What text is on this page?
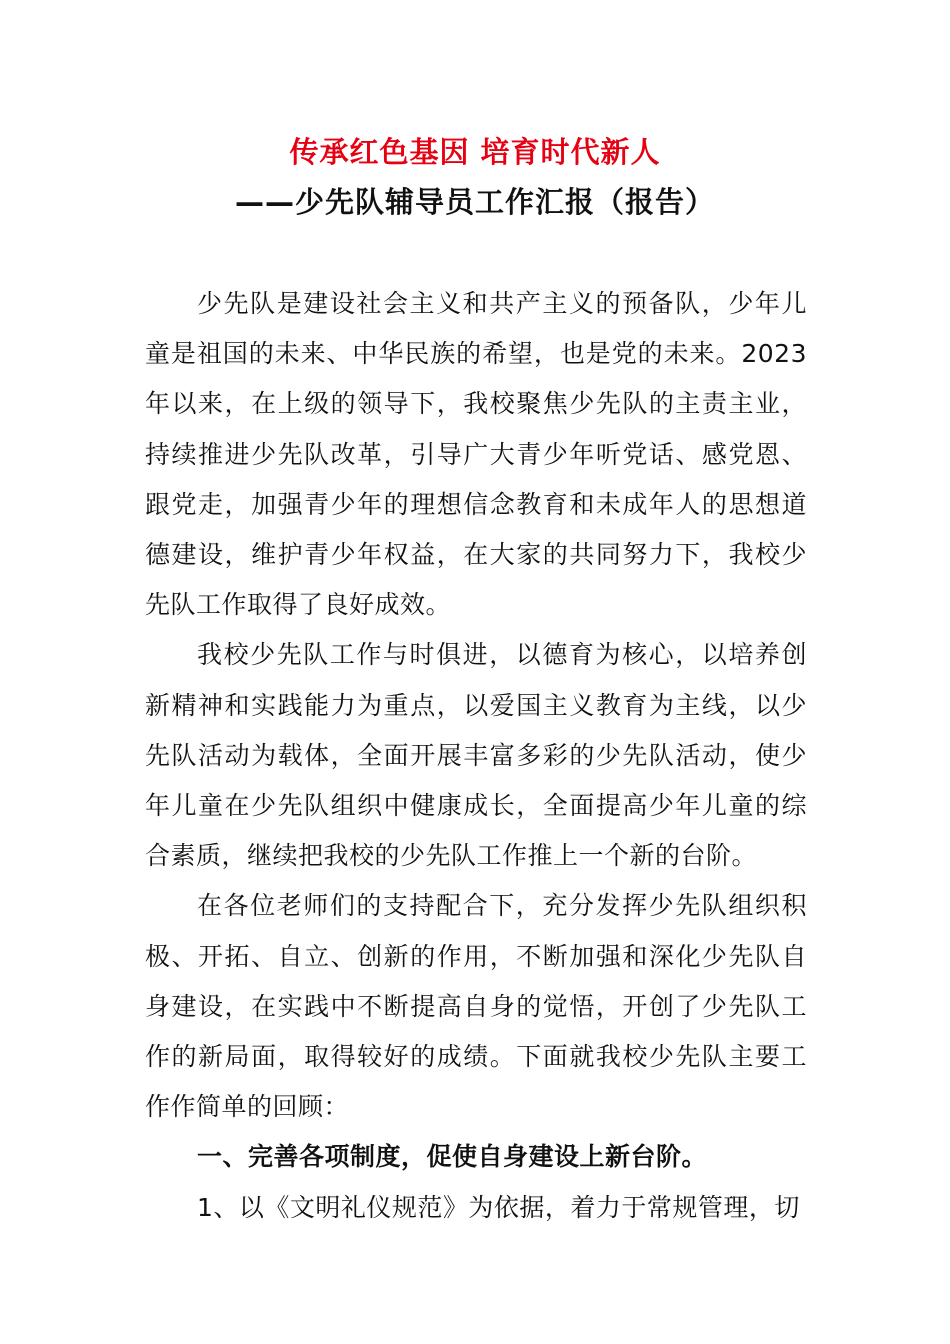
传承红色基因 培育时代新人
——少先队辅导员工作汇报（报告）

少先队是建设社会主义和共产主义的预备队，少年儿童是祖国的未来、中华民族的希望，也是党的未来。2023年以来，在上级的领导下，我校聚焦少先队的主责主业，持续推进少先队改革，引导广大青少年听党话、感党恩、跟党走，加强青少年的理想信念教育和未成年人的思想道德建设，维护青少年权益，在大家的共同努力下，我校少先队工作取得了良好成效。

我校少先队工作与时俱进，以德育为核心，以培养创新精神和实践能力为重点，以爱国主义教育为主线，以少先队活动为载体，全面开展丰富多彩的少先队活动，使少年儿童在少先队组织中健康成长，全面提高少年儿童的综合素质，继续把我校的少先队工作推上一个新的台阶。

在各位老师们的支持配合下，充分发挥少先队组织积极、开拓、自立、创新的作用，不断加强和深化少先队自身建设，在实践中不断提高自身的觉悟，开创了少先队工作的新局面，取得较好的成绩。下面就我校少先队主要工作作简单的回顾：

一、完善各项制度，促使自身建设上新台阶。

1、以《文明礼仪规范》为依据，着力于常规管理，切
